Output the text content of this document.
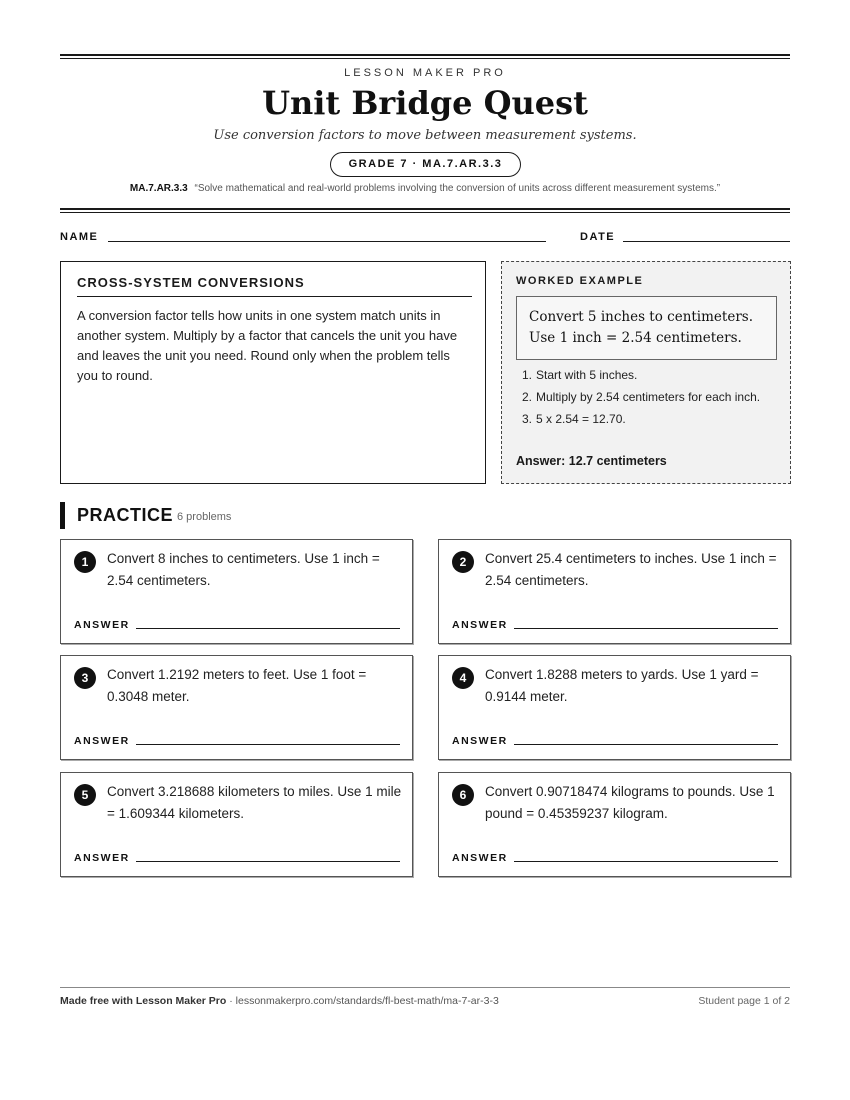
LESSON MAKER PRO
Unit Bridge Quest
Use conversion factors to move between measurement systems.
GRADE 7 · MA.7.AR.3.3
MA.7.AR.3.3 “Solve mathematical and real-world problems involving the conversion of units across different measurement systems.”
NAME	DATE
CROSS-SYSTEM CONVERSIONS
A conversion factor tells how units in one system match units in another system. Multiply by a factor that cancels the unit you have and leaves the unit you need. Round only when the problem tells you to round.
WORKED EXAMPLE
Convert 5 inches to centimeters.
Use 1 inch = 2.54 centimeters.
1. Start with 5 inches.
2. Multiply by 2.54 centimeters for each inch.
3. 5 x 2.54 = 12.70.
Answer: 12.7 centimeters
PRACTICE 6 problems
1	Convert 8 inches to centimeters. Use 1 inch = 2.54 centimeters.
ANSWER
2	Convert 25.4 centimeters to inches. Use 1 inch = 2.54 centimeters.
ANSWER
3	Convert 1.2192 meters to feet. Use 1 foot = 0.3048 meter.
ANSWER
4	Convert 1.8288 meters to yards. Use 1 yard = 0.9144 meter.
ANSWER
5	Convert 3.218688 kilometers to miles. Use 1 mile = 1.609344 kilometers.
ANSWER
6	Convert 0.90718474 kilograms to pounds. Use 1 pound = 0.45359237 kilogram.
ANSWER
Made free with Lesson Maker Pro · lessonmakerpro.com/standards/fl-best-math/ma-7-ar-3-3	Student page 1 of 2
